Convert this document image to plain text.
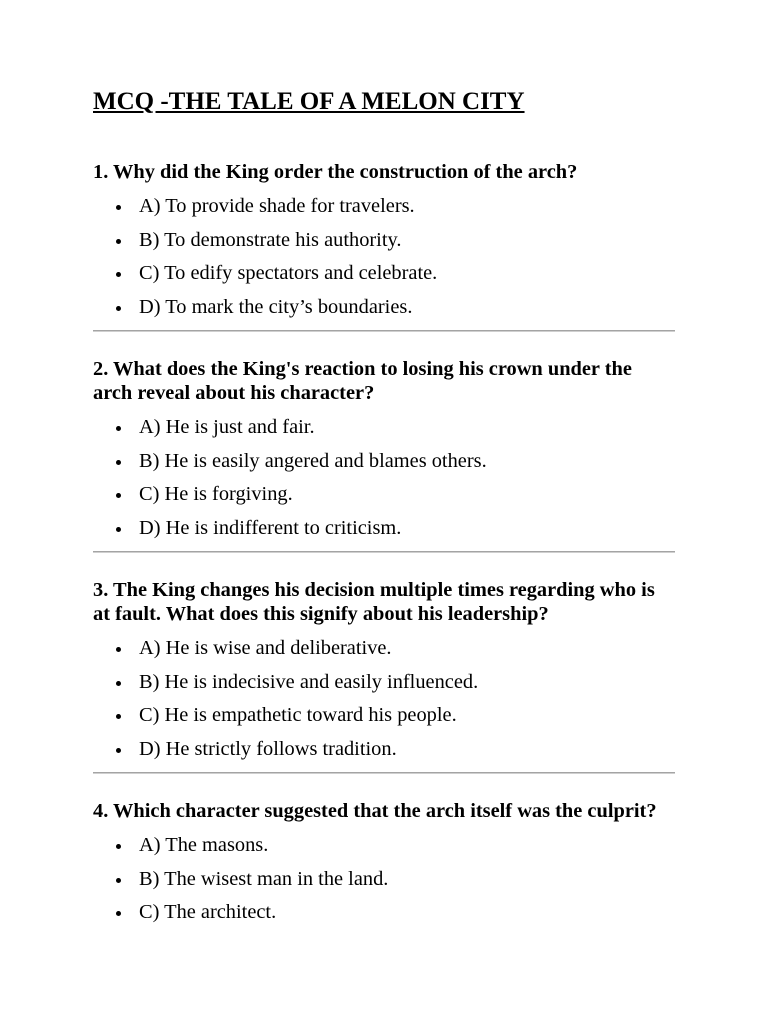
MCQ -THE TALE OF A MELON CITY

1. Why did the King order the construction of the arch?

A) To provide shade for travelers.
B) To demonstrate his authority.
C) To edify spectators and celebrate.
D) To mark the city’s boundaries.

2. What does the King's reaction to losing his crown under the arch reveal about his character?

A) He is just and fair.
B) He is easily angered and blames others.
C) He is forgiving.
D) He is indifferent to criticism.

3. The King changes his decision multiple times regarding who is at fault. What does this signify about his leadership?

A) He is wise and deliberative.
B) He is indecisive and easily influenced.
C) He is empathetic toward his people.
D) He strictly follows tradition.

4. Which character suggested that the arch itself was the culprit?

A) The masons.
B) The wisest man in the land.
C) The architect.
